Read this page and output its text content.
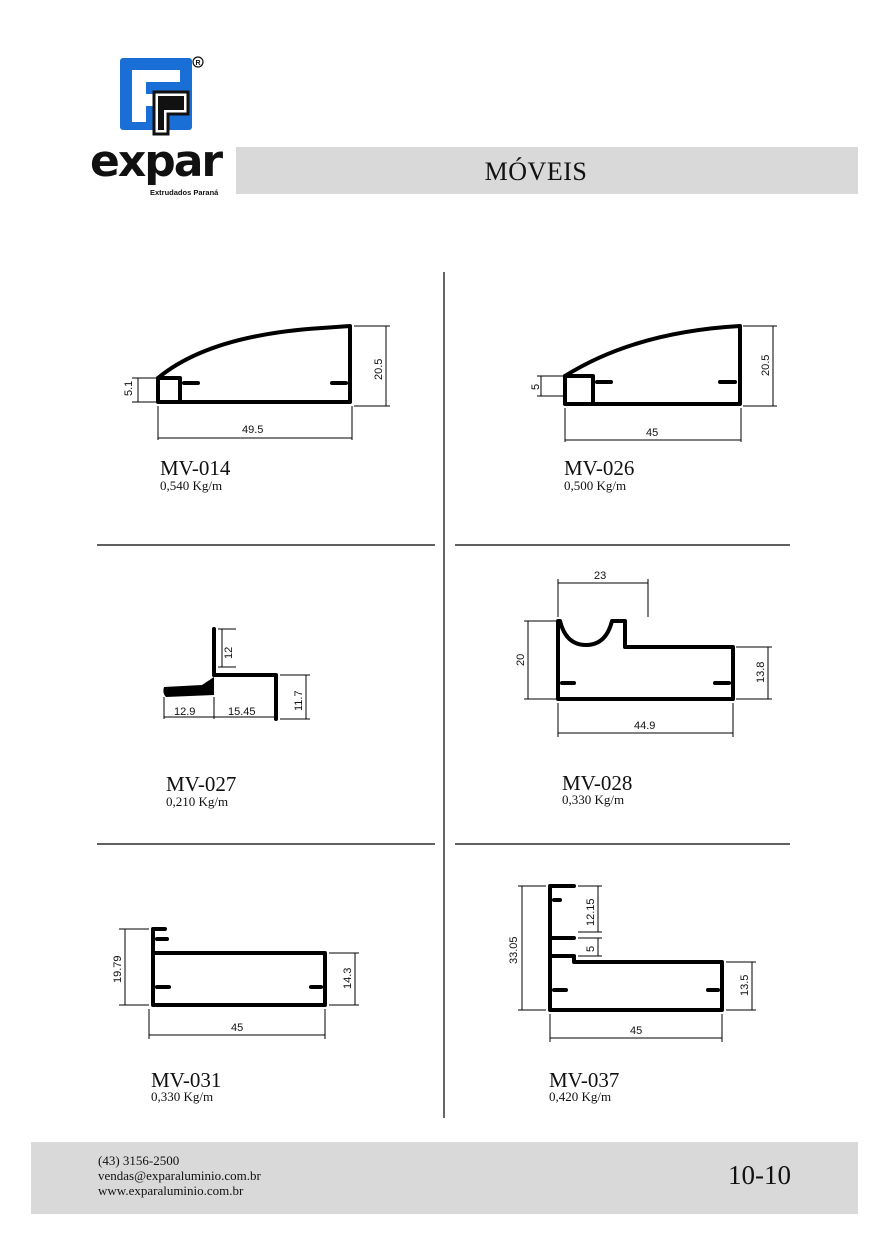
R
expar
Extrudados Paraná
MÓVEIS
5.1
20.5
49.5
MV-014
0,540 Kg/m
5
20.5
45
MV-026
0,500 Kg/m
12
11.7
12.9	15.45
MV-027
0,210 Kg/m
23
20
13.8
44.9
MV-028
0,330 Kg/m
19.79	14.3
45
MV-031
0,330 Kg/m
33.05
12.15
5
13.5
45
MV-037
0,420 Kg/m
(43) 3156-2500
vendas@exparaluminio.com.br
www.exparaluminio.com.br
10-10
